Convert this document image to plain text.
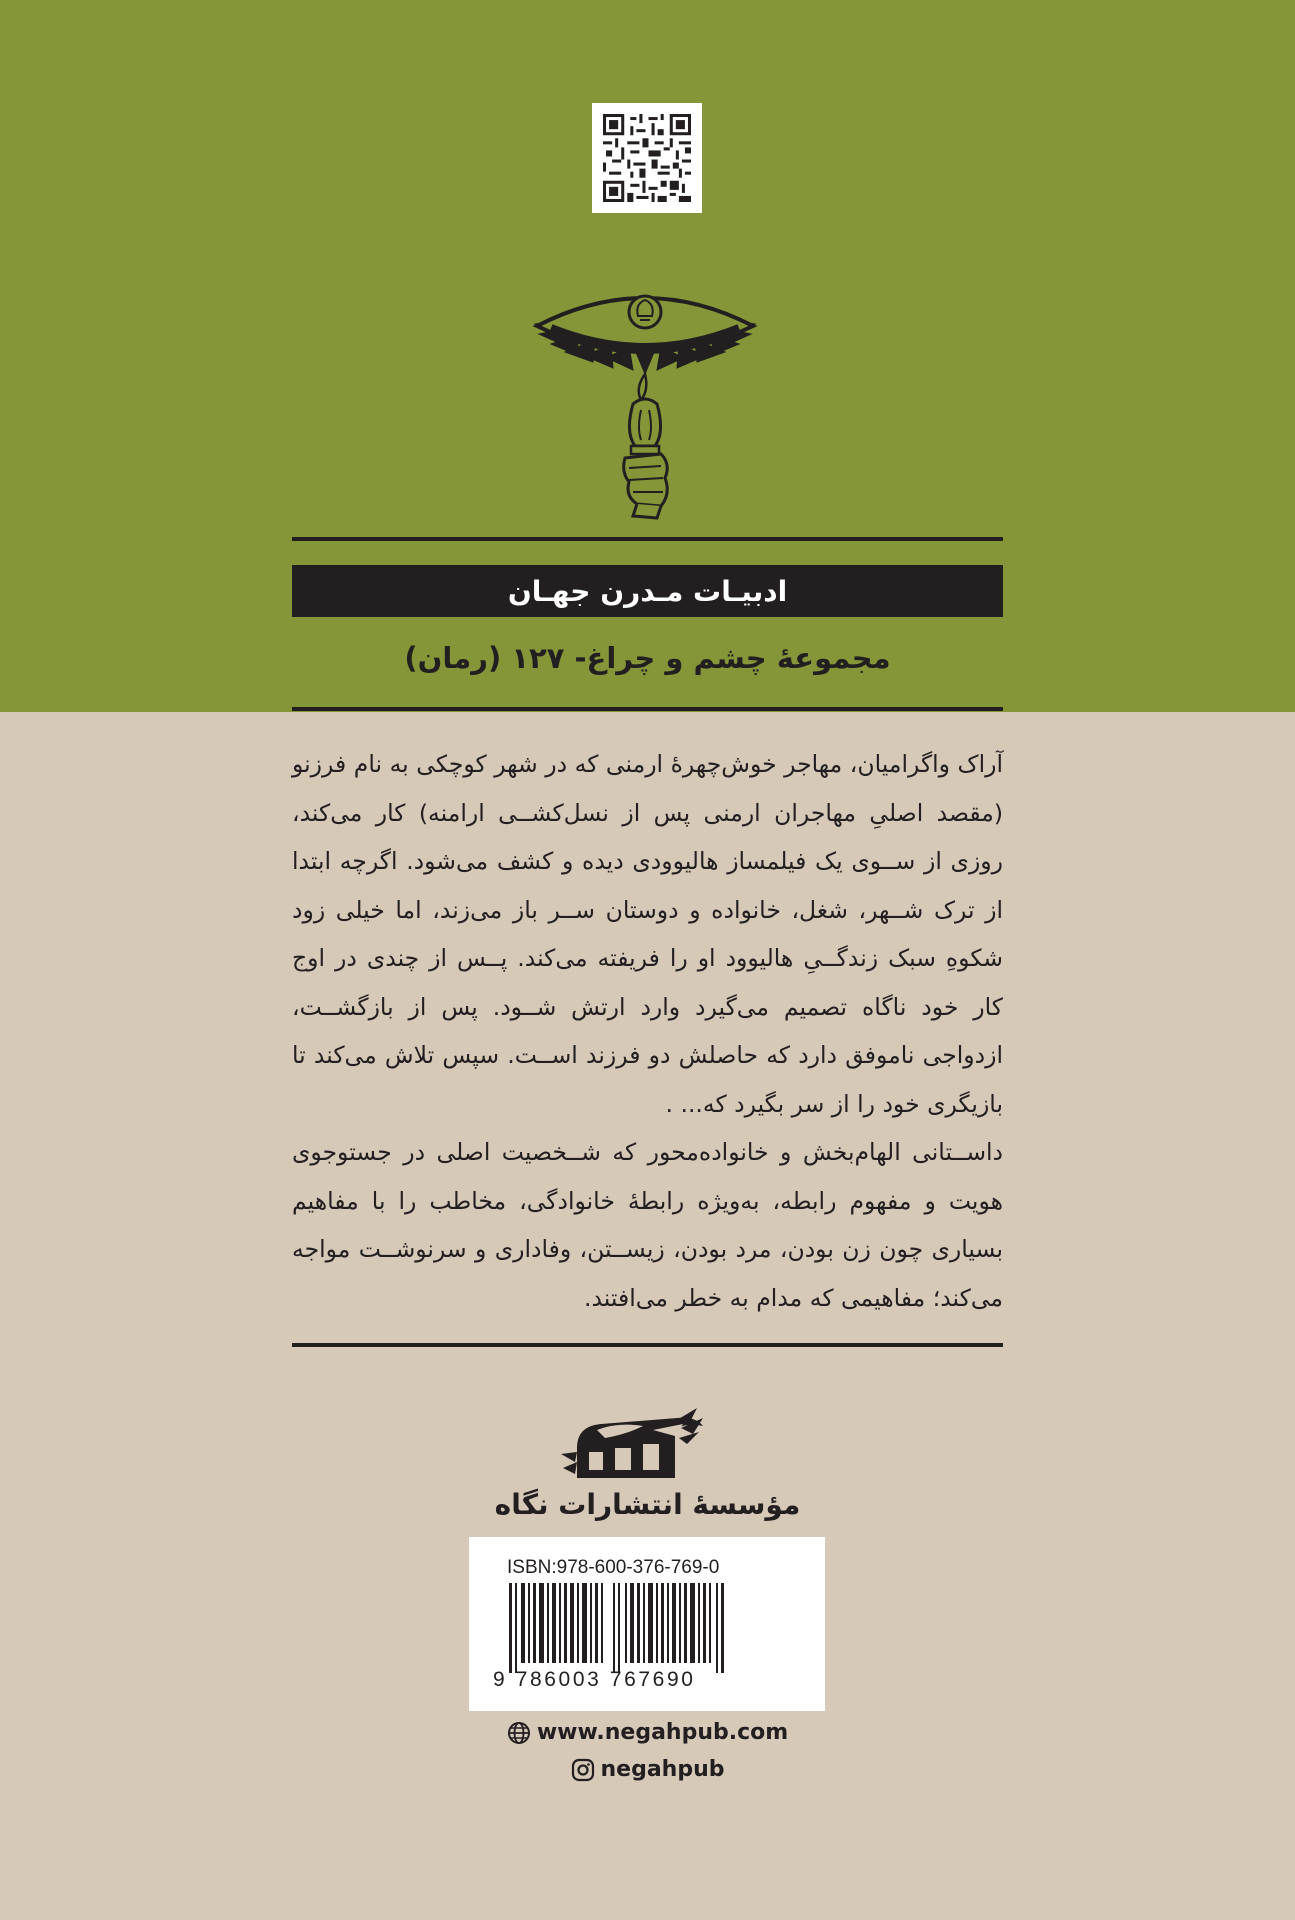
ادبیـات مـدرن جهـان
مجموعهٔ چشم و چراغ- ۱۲۷ (رمان)

آراک واگرامیان، مهاجر خوش‌چهرهٔ ارمنی که در شهر کوچکی به نام فرزنو (مقصد اصلیِ مهاجران ارمنی پس از نسل‌کشــی ارامنه) کار می‌کند، روزی از ســوی یک فیلمساز هالیوودی دیده و کشف می‌شود. اگرچه ابتدا از ترک شــهر، شغل، خانواده و دوستان ســر باز می‌زند، اما خیلی زود شکوهِ سبک زندگــیِ هالیوود او را فریفته می‌کند. پــس از چندی در اوج کار خود ناگاه تصمیم می‌گیرد وارد ارتش شــود. پس از بازگشــت، ازدواجی ناموفق دارد که حاصلش دو فرزند اســت. سپس تلاش می‌کند تا بازیگری خود را از سر بگیرد که... .

داســتانی الهام‌بخش و خانواده‌محور که شــخصیت اصلی در جستوجوی هویت و مفهوم رابطه، به‌ویژه رابطهٔ خانوادگی، مخاطب را با مفاهیم بسیاری چون زن بودن، مرد بودن، زیســتن، وفاداری و سرنوشــت مواجه می‌کند؛ مفاهیمی که مدام به خطر می‌افتند.

مؤسسهٔ انتشارات نگاه
ISBN:978-600-376-769-0
9 786003 767690
www.negahpub.com
negahpub
